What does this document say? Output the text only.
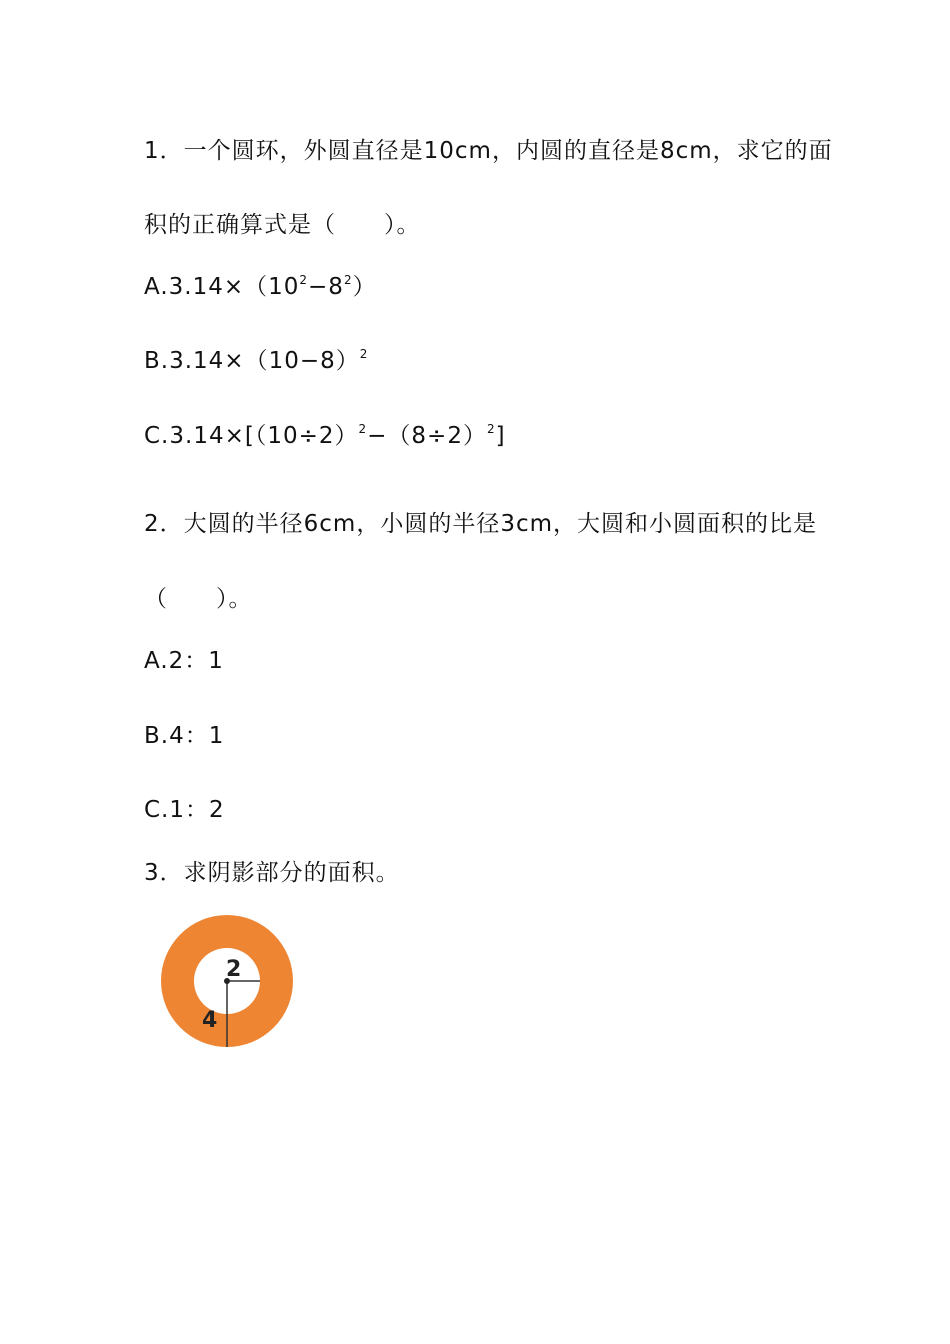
1．一个圆环，外圆直径是10cm，内圆的直径是8cm，求它的面
积的正确算式是（　　）。
$A.3.14\times(10^2-8^2)$
$B.3.14\times(10-8)^2$
$C.3.14\times[(10\div 2)^2-(8\div 2)^2]$
2．大圆的半径6cm，小圆的半径3cm，大圆和小圆面积的比是
（　　）。
A.2：1
B.4：1
C.1：2
3．求阴影部分的面积。
2
4
